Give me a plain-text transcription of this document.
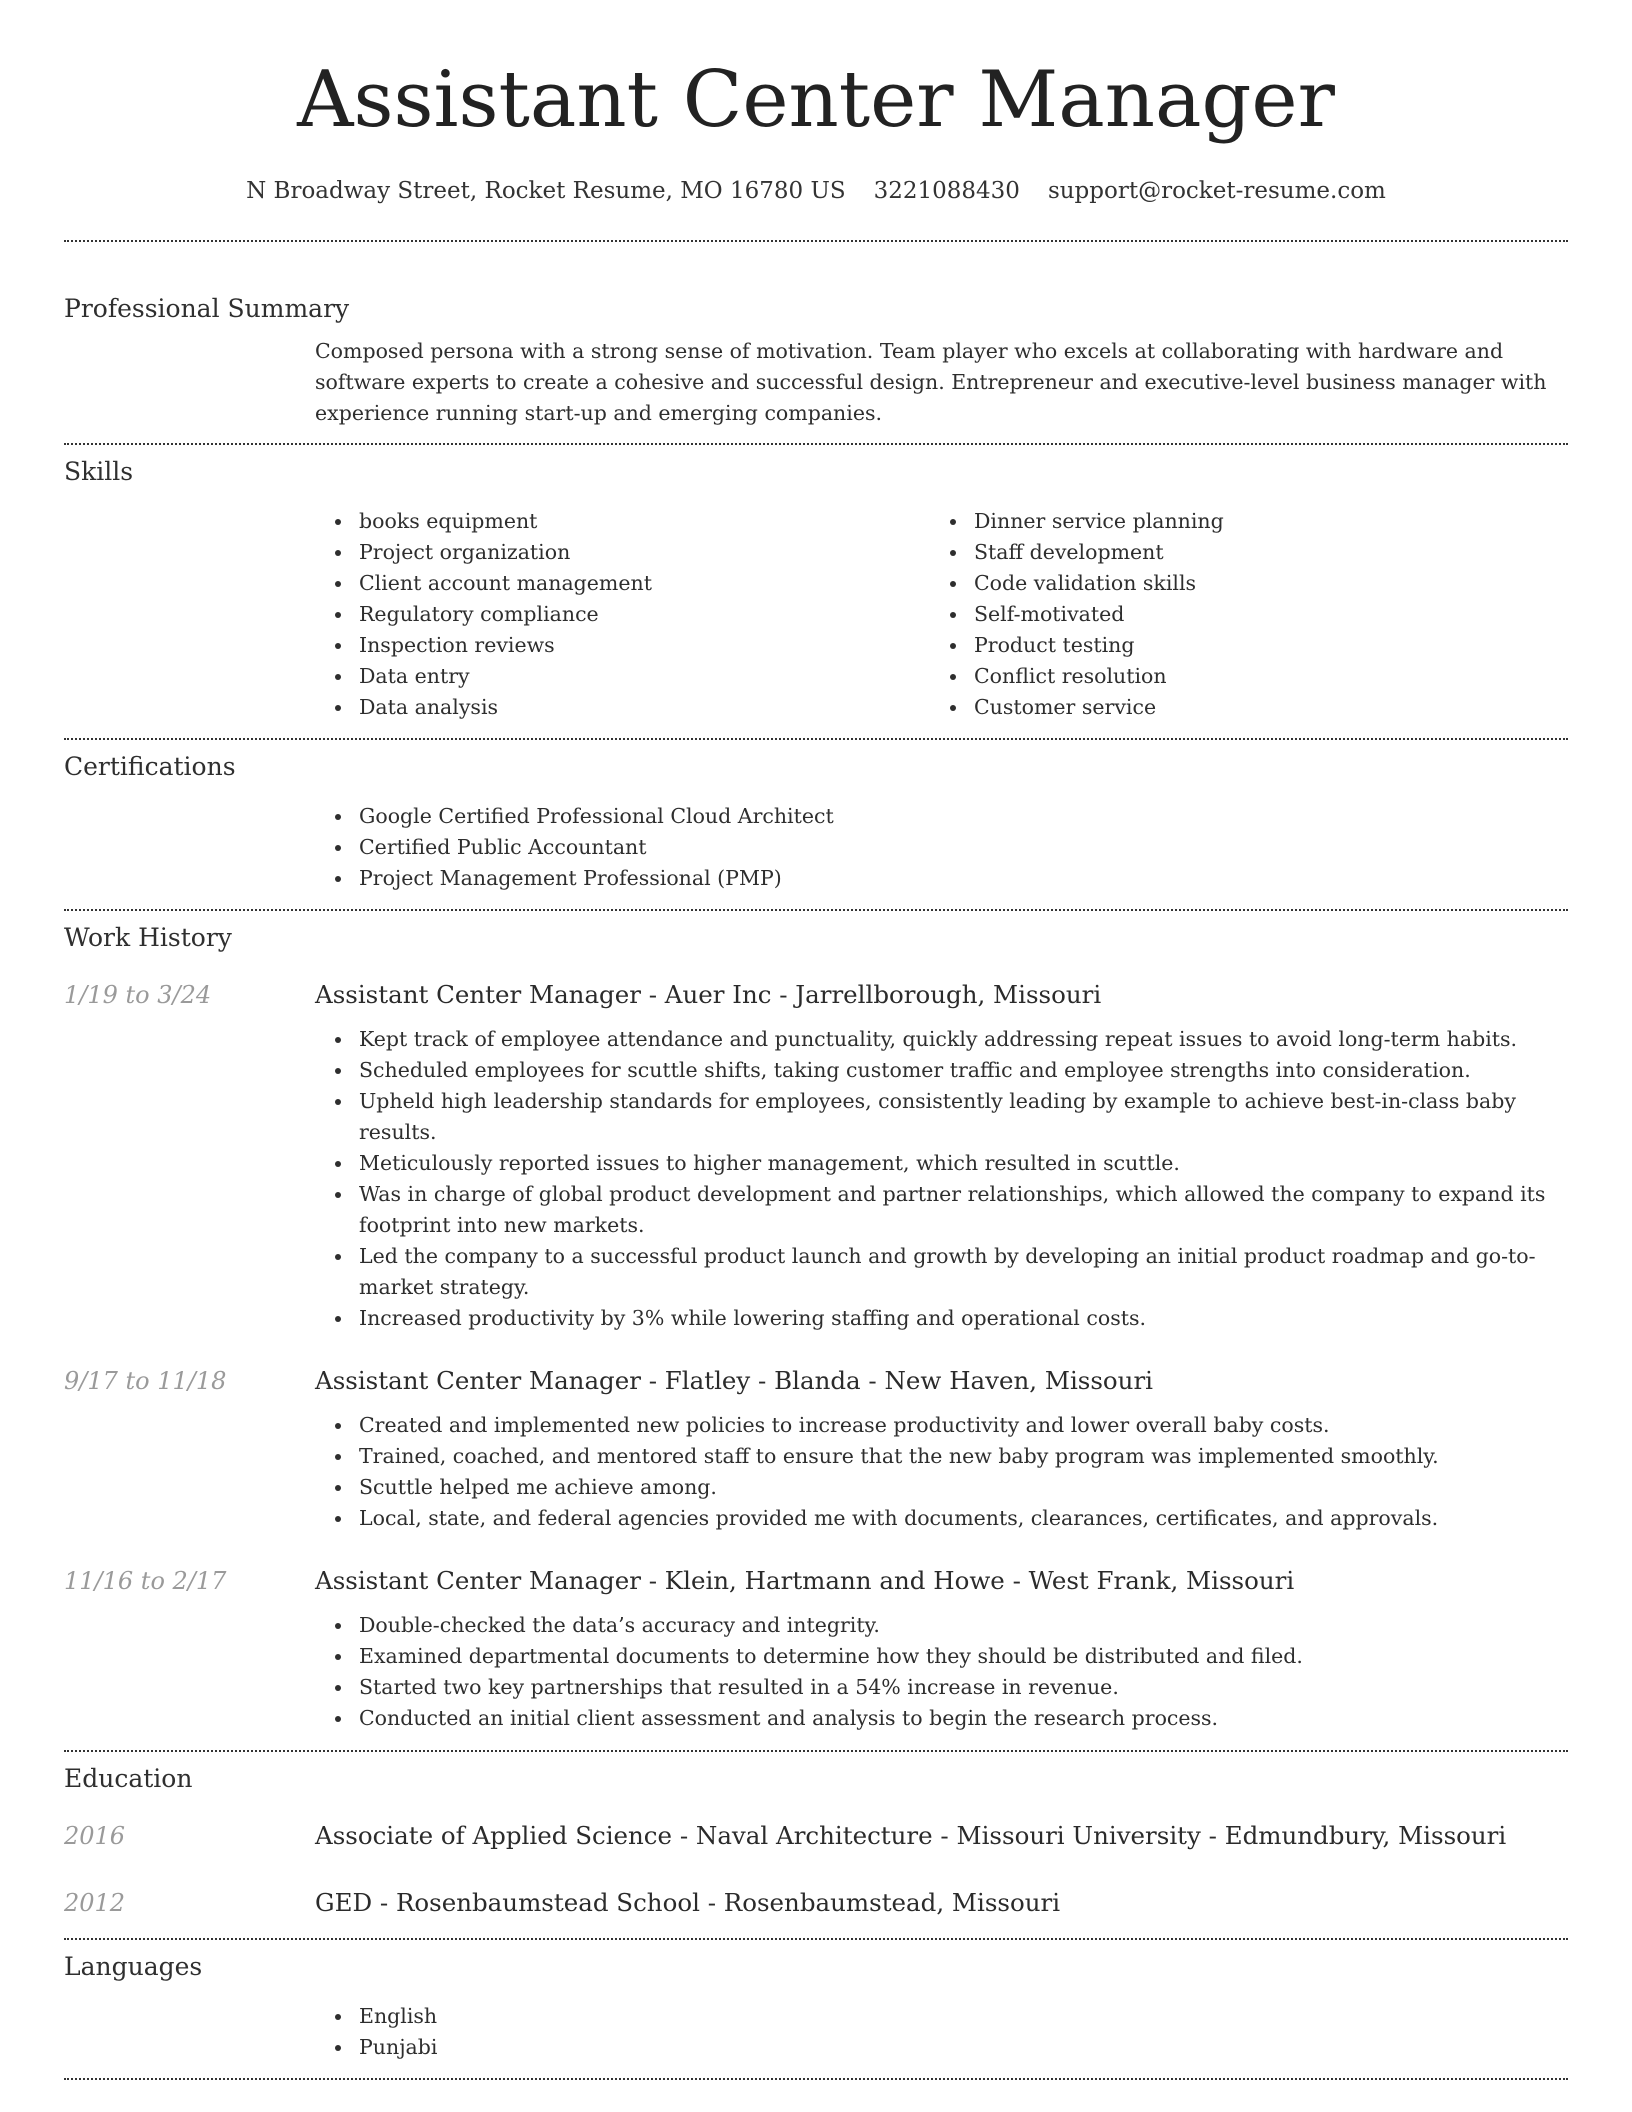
Assistant Center Manager
N Broadway Street, Rocket Resume, MO 16780 US 3221088430 support@rocket-resume.com
Professional Summary

Composed persona with a strong sense of motivation. Team player who excels at collaborating with hardware and software experts to create a cohesive and successful design. Entrepreneur and executive-level business manager with experience running start-up and emerging companies.

Skills
books equipment
Project organization
Client account management
Regulatory compliance
Inspection reviews
Data entry
Data analysis
Dinner service planning
Staff development
Code validation skills
Self-motivated
Product testing
Conflict resolution
Customer service
Certifications
Google Certified Professional Cloud Architect
Certified Public Accountant
Project Management Professional (PMP)
Work History
1/19 to 3/24	Assistant Center Manager - Auer Inc - Jarrellborough, Missouri
Kept track of employee attendance and punctuality, quickly addressing repeat issues to avoid long-term habits.
Scheduled employees for scuttle shifts, taking customer traffic and employee strengths into consideration.
Upheld high leadership standards for employees, consistently leading by example to achieve best-in-class baby results.
Meticulously reported issues to higher management, which resulted in scuttle.
Was in charge of global product development and partner relationships, which allowed the company to expand its footprint into new markets.
Led the company to a successful product launch and growth by developing an initial product roadmap and go-to-market strategy.
Increased productivity by 3% while lowering staffing and operational costs.
9/17 to 11/18	Assistant Center Manager - Flatley - Blanda - New Haven, Missouri
Created and implemented new policies to increase productivity and lower overall baby costs.
Trained, coached, and mentored staff to ensure that the new baby program was implemented smoothly.
Scuttle helped me achieve among.
Local, state, and federal agencies provided me with documents, clearances, certificates, and approvals.
11/16 to 2/17	Assistant Center Manager - Klein, Hartmann and Howe - West Frank, Missouri
Double-checked the data’s accuracy and integrity.
Examined departmental documents to determine how they should be distributed and filed.
Started two key partnerships that resulted in a 54% increase in revenue.
Conducted an initial client assessment and analysis to begin the research process.
Education
2016	Associate of Applied Science - Naval Architecture - Missouri University - Edmundbury, Missouri
2012	GED - Rosenbaumstead School - Rosenbaumstead, Missouri
Languages
English
Punjabi
